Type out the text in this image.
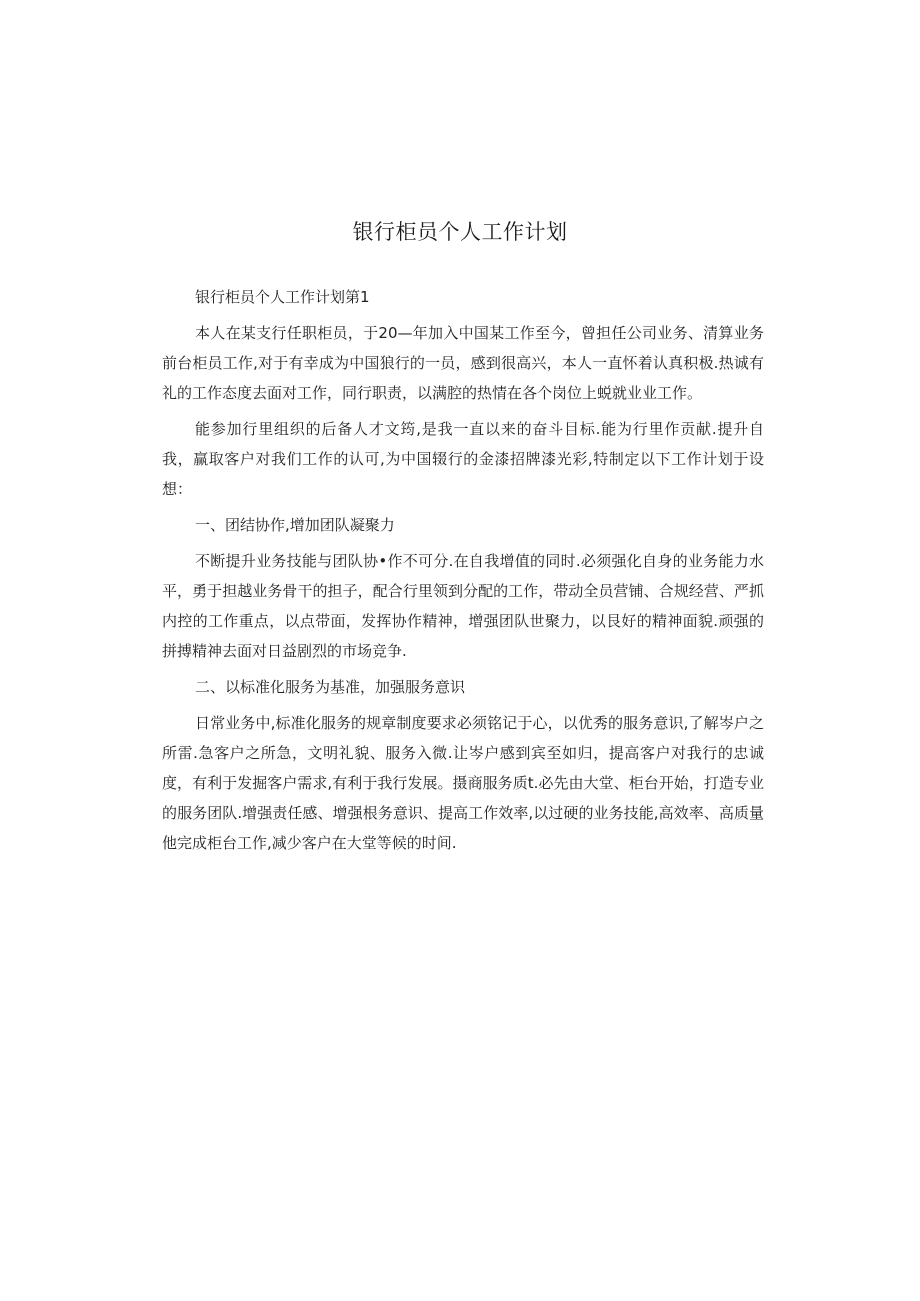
银行柜员个人工作计划

银行柜员个人工作计划第1

本人在某支行任职柜员，于20—年加入中国某工作至今，曾担任公司业务、清算业务前台柜员工作,对于有幸成为中国狼行的一员，感到很高兴，本人一直怀着认真积极.热诚有礼的工作态度去面对工作，同行职责，以满腔的热情在各个岗位上蜕就业业工作。

能参加行里组织的后备人才文筠,是我一直以来的奋斗目标.能为行里作贡献.提升自我，赢取客户对我们工作的认可,为中国辍行的金漆招牌漆光彩,特制定以下工作计划于设想：

一、团结协作,增加团队凝聚力

不断提升业务技能与团队协•作不可分.在自我增值的同时.必须强化自身的业务能力水平，勇于担越业务骨干的担子，配合行里领到分配的工作，带动全员营铺、合规经营、严抓内控的工作重点，以点带面，发挥协作精神，增强团队世聚力，以艮好的精神面貌.顽强的拼搏精神去面对日益剧烈的市场竞争.

二、以标准化服务为基准，加强服务意识

日常业务中,标准化服务的规章制度要求必须铭记于心，以优秀的服务意识,了解岑户之所雷.急客户之所急，文明礼貌、服务入微.让岑户感到宾至如归，提高客户对我行的忠诚度，有利于发掘客户需求,有利于我行发展。摄商服务质t.必先由大堂、柜台开始，打造专业的服务团队.增强责任感、增强根务意识、提高工作效率,以过硬的业务技能,高效率、高质量他完成柜台工作,减少客户在大堂等候的时间.
